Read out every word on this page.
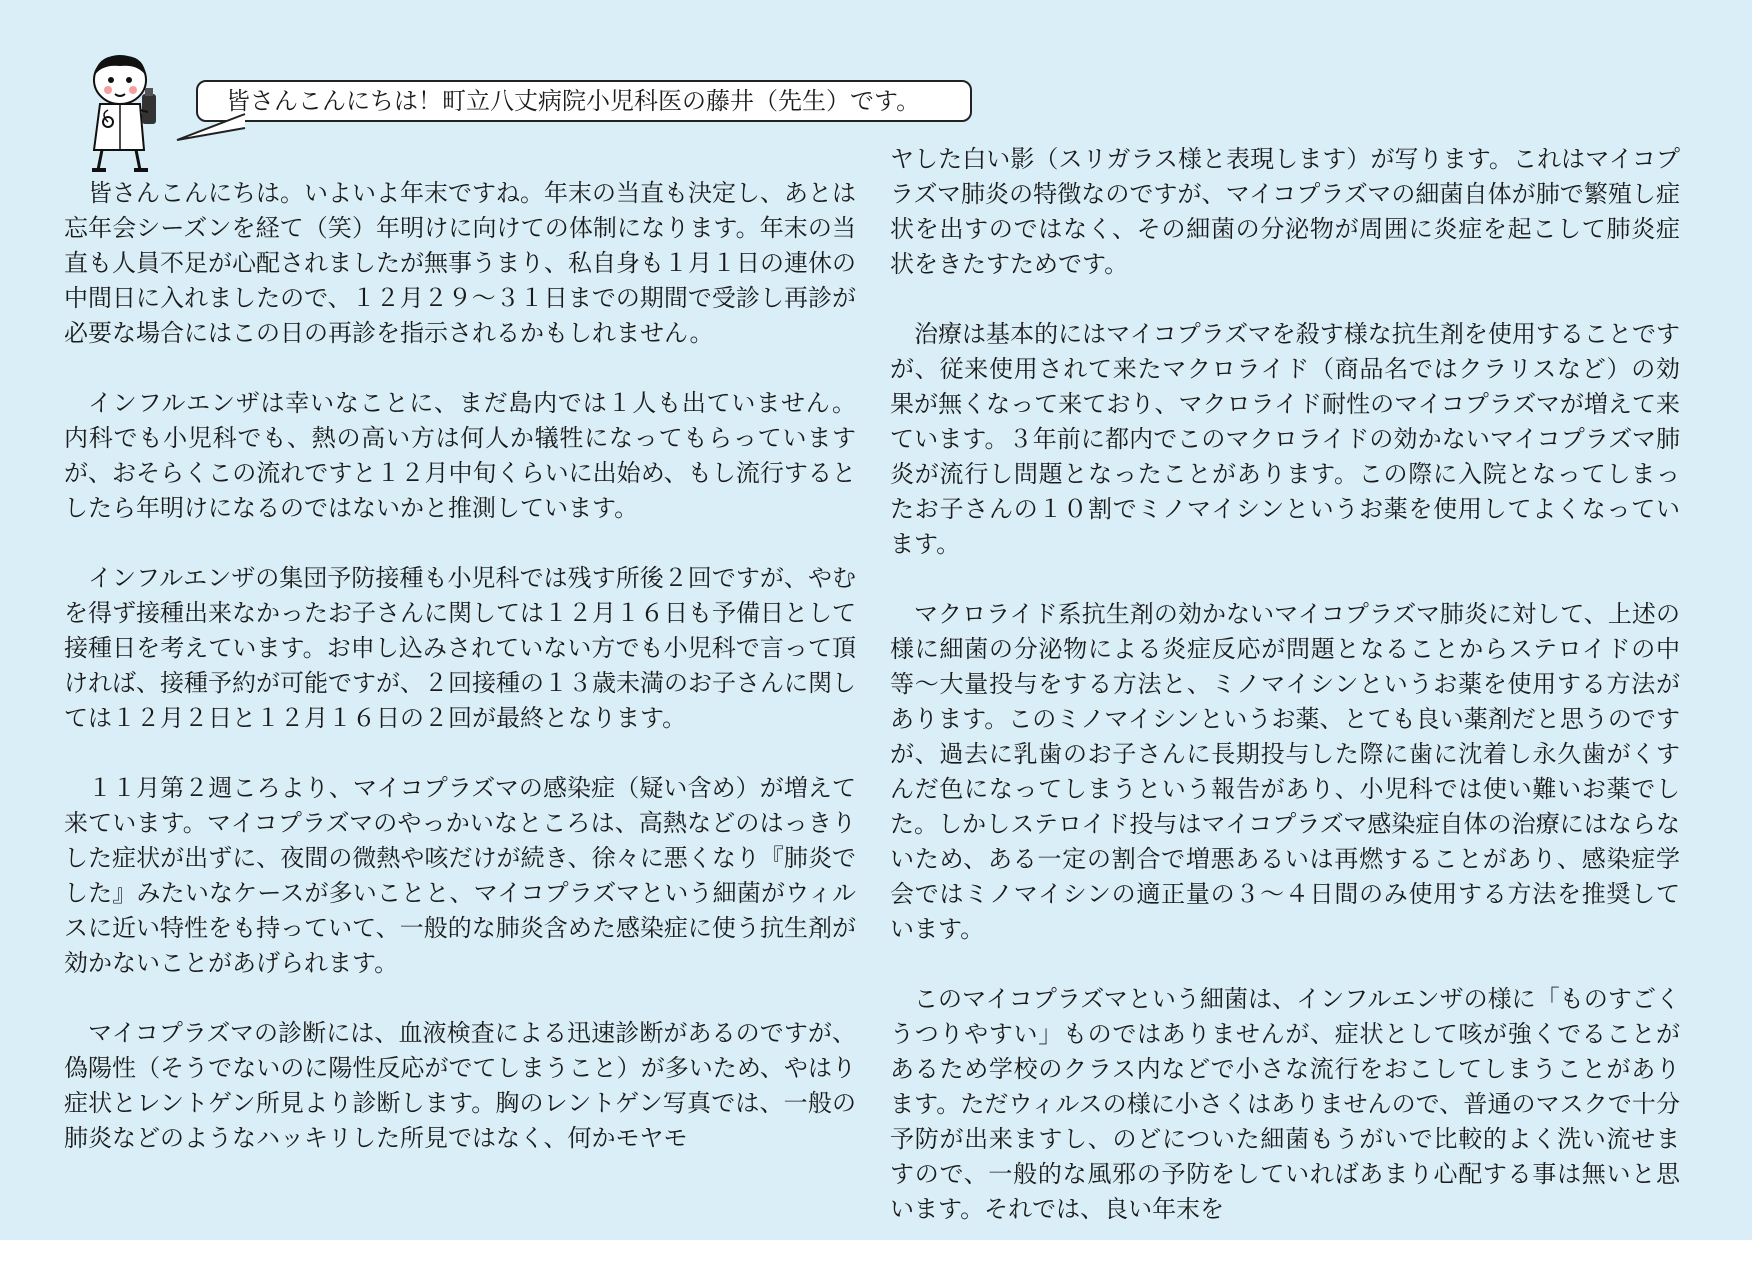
皆さんこんにちは！町立八丈病院小児科医の藤井（先生）です。

皆さんこんにちは。いよいよ年末ですね。年末の当直も決定し、あとは忘年会シーズンを経て（笑）年明けに向けての体制になります。年末の当直も人員不足が心配されましたが無事うまり、私自身も１月１日の連休の中間日に入れましたので、１２月２９～３１日までの期間で受診し再診が必要な場合にはこの日の再診を指示されるかもしれません。

インフルエンザは幸いなことに、まだ島内では１人も出ていません。内科でも小児科でも、熱の高い方は何人か犠牲になってもらっていますが、おそらくこの流れですと１２月中旬くらいに出始め、もし流行するとしたら年明けになるのではないかと推測しています。

インフルエンザの集団予防接種も小児科では残す所後２回ですが、やむを得ず接種出来なかったお子さんに関しては１２月１６日も予備日として接種日を考えています。お申し込みされていない方でも小児科で言って頂ければ、接種予約が可能ですが、２回接種の１３歳未満のお子さんに関しては１２月２日と１２月１６日の２回が最終となります。

１１月第２週ころより、マイコプラズマの感染症（疑い含め）が増えて来ています。マイコプラズマのやっかいなところは、高熱などのはっきりした症状が出ずに、夜間の微熱や咳だけが続き、徐々に悪くなり『肺炎でした』みたいなケースが多いことと、マイコプラズマという細菌がウィルスに近い特性をも持っていて、一般的な肺炎含めた感染症に使う抗生剤が効かないことがあげられます。

マイコプラズマの診断には、血液検査による迅速診断があるのですが、偽陽性（そうでないのに陽性反応がでてしまうこと）が多いため、やはり症状とレントゲン所見より診断します。胸のレントゲン写真では、一般の肺炎などのようなハッキリした所見ではなく、何かモヤモ

ヤした白い影（スリガラス様と表現します）が写ります。これはマイコプラズマ肺炎の特徴なのですが、マイコプラズマの細菌自体が肺で繁殖し症状を出すのではなく、その細菌の分泌物が周囲に炎症を起こして肺炎症状をきたすためです。

治療は基本的にはマイコプラズマを殺す様な抗生剤を使用することですが、従来使用されて来たマクロライド（商品名ではクラリスなど）の効果が無くなって来ており、マクロライド耐性のマイコプラズマが増えて来ています。３年前に都内でこのマクロライドの効かないマイコプラズマ肺炎が流行し問題となったことがあります。この際に入院となってしまったお子さんの１０割でミノマイシンというお薬を使用してよくなっています。

マクロライド系抗生剤の効かないマイコプラズマ肺炎に対して、上述の様に細菌の分泌物による炎症反応が問題となることからステロイドの中等～大量投与をする方法と、ミノマイシンというお薬を使用する方法があります。このミノマイシンというお薬、とても良い薬剤だと思うのですが、過去に乳歯のお子さんに長期投与した際に歯に沈着し永久歯がくすんだ色になってしまうという報告があり、小児科では使い難いお薬でした。しかしステロイド投与はマイコプラズマ感染症自体の治療にはならないため、ある一定の割合で増悪あるいは再燃することがあり、感染症学会ではミノマイシンの適正量の３～４日間のみ使用する方法を推奨しています。

このマイコプラズマという細菌は、インフルエンザの様に「ものすごくうつりやすい」ものではありませんが、症状として咳が強くでることがあるため学校のクラス内などで小さな流行をおこしてしまうことがあります。ただウィルスの様に小さくはありませんので、普通のマスクで十分予防が出来ますし、のどについた細菌もうがいで比較的よく洗い流せますので、一般的な風邪の予防をしていればあまり心配する事は無いと思います。それでは、良い年末を
